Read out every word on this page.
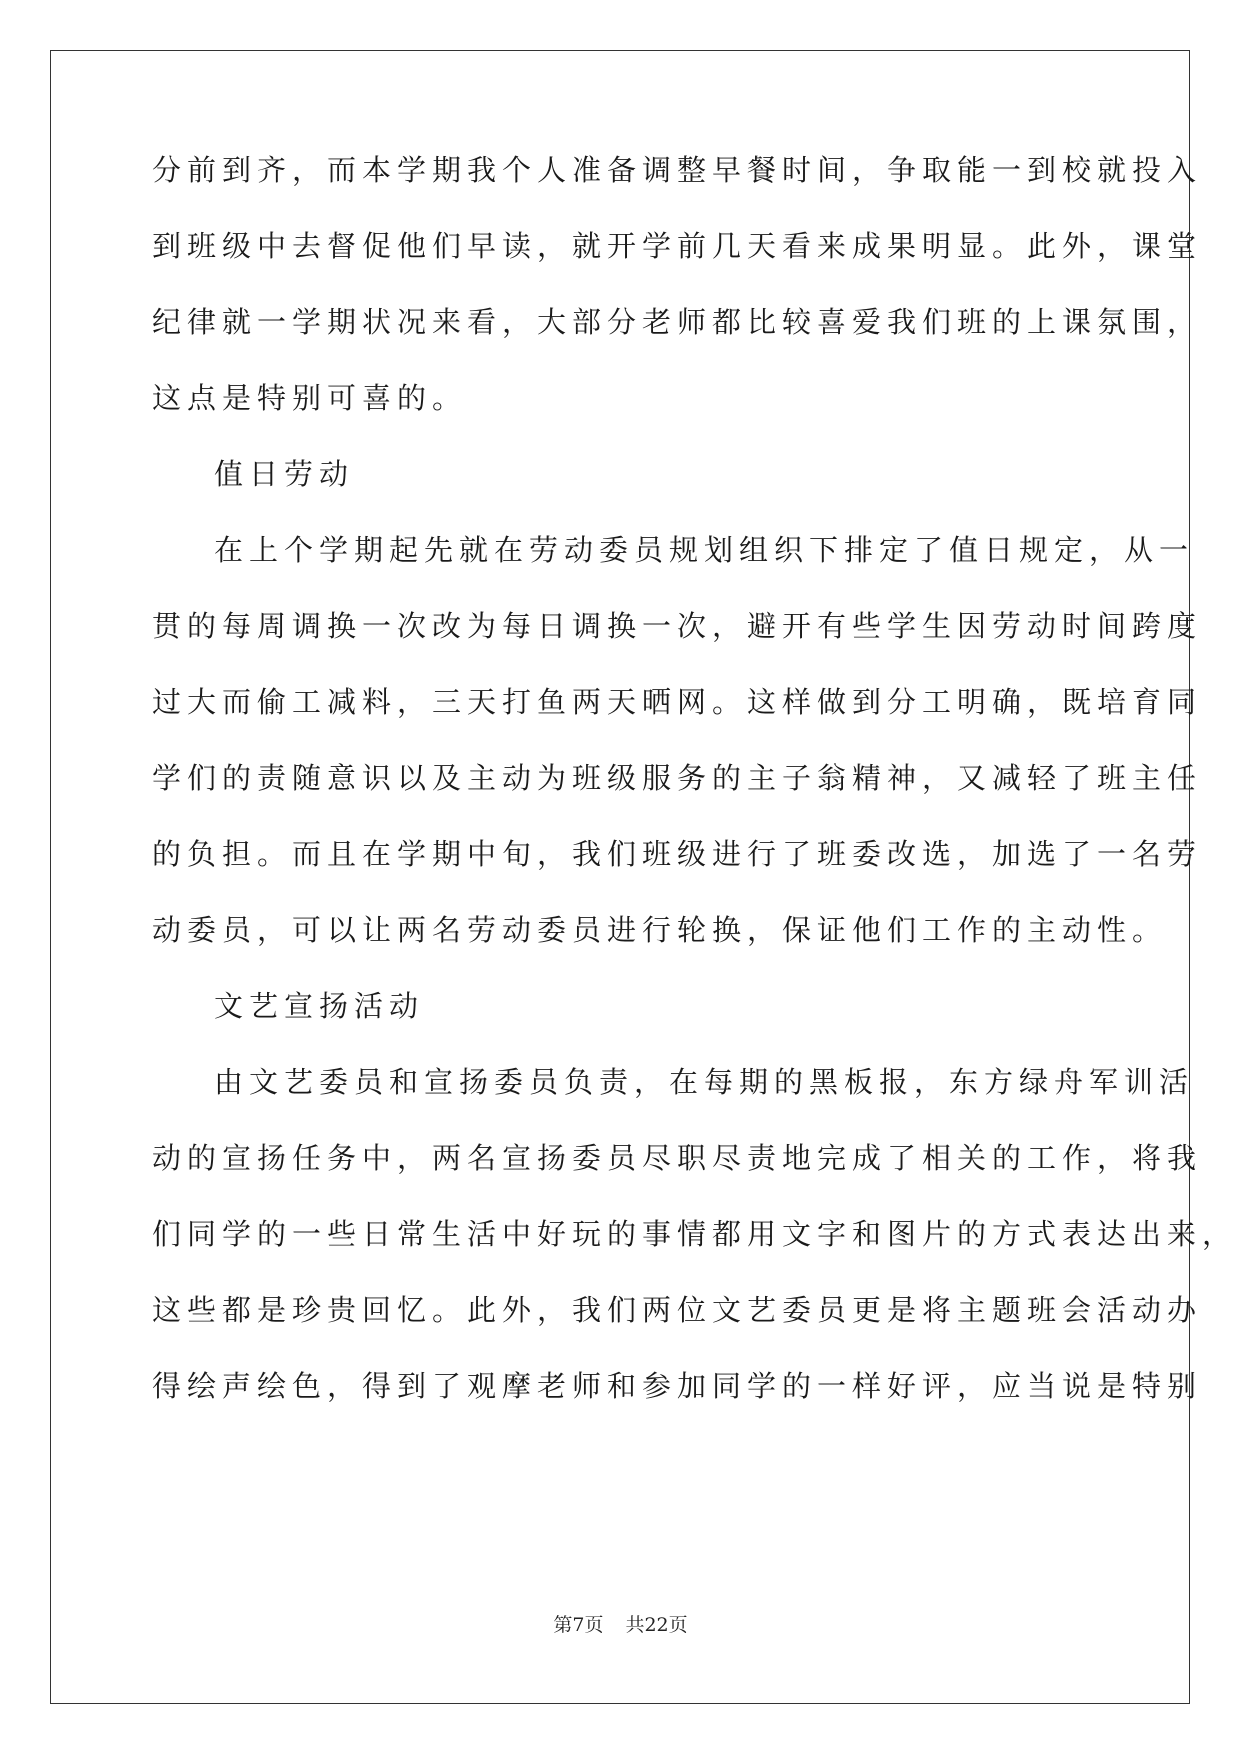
分前到齐，而本学期我个人准备调整早餐时间，争取能一到校就投入
到班级中去督促他们早读，就开学前几天看来成果明显。此外，课堂
纪律就一学期状况来看，大部分老师都比较喜爱我们班的上课氛围，
这点是特别可喜的。
值日劳动
在上个学期起先就在劳动委员规划组织下排定了值日规定，从一
贯的每周调换一次改为每日调换一次，避开有些学生因劳动时间跨度
过大而偷工减料，三天打鱼两天晒网。这样做到分工明确，既培育同
学们的责随意识以及主动为班级服务的主子翁精神，又减轻了班主任
的负担。而且在学期中旬，我们班级进行了班委改选，加选了一名劳
动委员，可以让两名劳动委员进行轮换，保证他们工作的主动性。
文艺宣扬活动
由文艺委员和宣扬委员负责，在每期的黑板报，东方绿舟军训活
动的宣扬任务中，两名宣扬委员尽职尽责地完成了相关的工作，将我
们同学的一些日常生活中好玩的事情都用文字和图片的方式表达出来，
这些都是珍贵回忆。此外，我们两位文艺委员更是将主题班会活动办
得绘声绘色，得到了观摩老师和参加同学的一样好评，应当说是特别
第7页 共22页
